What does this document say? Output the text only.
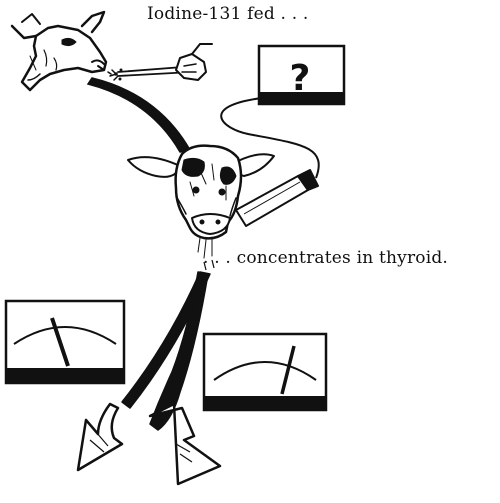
Iodine-131 fed . . .
. . . concentrates in thyroid.
?
